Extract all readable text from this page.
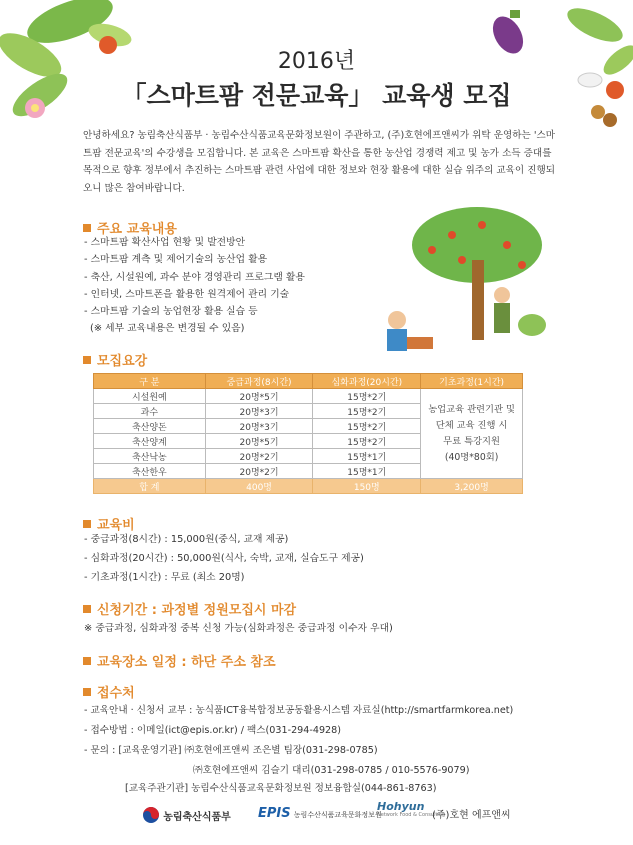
2016년
「스마트팜 전문교육」 교육생 모집
안녕하세요? 농림축산식품부 · 농림수산식품교육문화정보원이 주관하고, (주)호현에프앤씨가 위탁 운영하는 '스마트팜 전문교육'의 수강생을 모집합니다. 본 교육은 스마트팜 확산을 통한 농산업 경쟁력 제고 및 농가 소득 증대를 목적으로 향후 정부에서 추진하는 스마트팜 관련 사업에 대한 정보와 현장 활용에 대한 실습 위주의 교육이 진행되오니 많은 참여바랍니다.
주요 교육내용
- 스마트팜 확산사업 현황 및 발전방안
- 스마트팜 계측 및 제어기술의 농산업 활용
- 축산, 시설원예, 과수 분야 경영관리 프로그램 활용
- 인터넷, 스마트폰을 활용한 원격제어 관리 기술
- 스마트팜 기술의 농업현장 활용 실습 등
(※ 세부 교육내용은 변경될 수 있음)
모집요강
구 분	중급과정(8시간)	심화과정(20시간)	기초과정(1시간)
시설원예	20명*5기	15명*2기	농업교육 관련기관 및
단체 교육 진행 시
무료 특강지원
(40명*80회)

과수	20명*3기	15명*2기	
축산양돈	20명*3기	15명*2기	
축산양계	20명*5기	15명*2기	
축산낙농	20명*2기	15명*1기	
축산한우	20명*2기	15명*1기	
합 계	400명	150명	3,200명
교육비
- 중급과정(8시간) : 15,000원(중식, 교재 제공)
- 심화과정(20시간) : 50,000원(식사, 숙박, 교재, 실습도구 제공)
- 기초과정(1시간) : 무료 (최소 20명)
신청기간 : 과정별 정원모집시 마감
※ 중급과정, 심화과정 중복 신청 가능(심화과정은 중급과정 이수자 우대)
교육장소 일정 : 하단 주소 참조
접수처
- 교육안내 · 신청서 교부 : 농식품ICT융복합정보공동활용시스템 자료실(http://smartfarmkorea.net)
- 접수방법 : 이메일(ict@epis.or.kr) / 팩스(031-294-4928)
- 문의 : [교육운영기관] ㈜호현에프앤씨 조은별 팀장(031-298-0785)
㈜호현에프앤씨 김슬기 대리(031-298-0785 / 010-5576-9079)
[교육주관기관] 농림수산식품교육문화정보원 정보융합실(044-861-8763)
농림축산식품부 EPIS 농림수산식품교육문화정보원
Hohyun
Network Food & Consulting
(주)호현 에프앤씨
